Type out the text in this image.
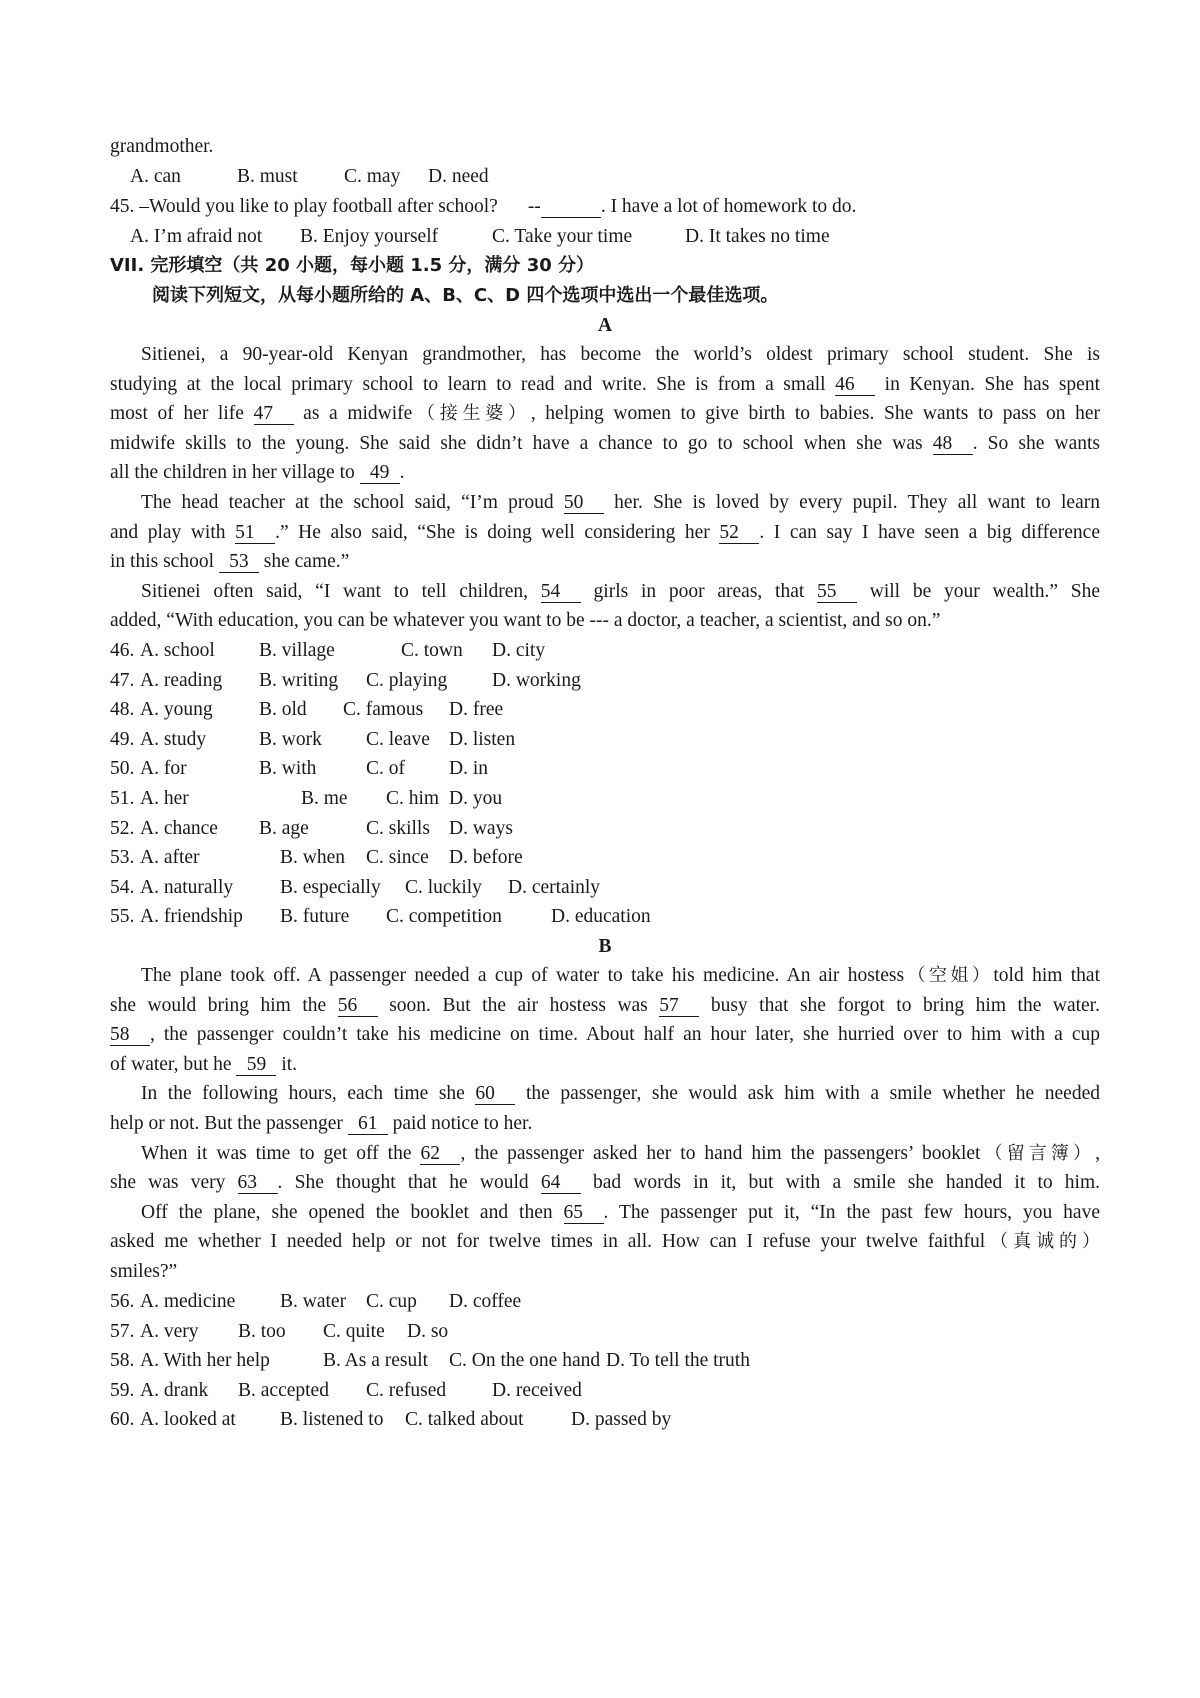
grandmother.
A. can	B. must C. may D. need
45. –Would you like to play football after school? --	. I have a lot of homework to do.
A. I’m afraid not B. Enjoy yourself	C. Take your time	D. It takes no time
VII. 完形填空（共 20 小题，每小题 1.5 分，满分 30 分）
阅读下列短文，从每小题所给的 A、B、C、D 四个选项中选出一个最佳选项。
A
Sitienei, a 90-year-old Kenyan grandmother, has become the world’s oldest primary school student. She is
studying at the local primary school to learn to read and write. She is from a small 46 in Kenyan. She has spent
most of her life 47 as a midwife（接生婆）, helping women to give birth to babies. She wants to pass on her
midwife skills to the young. She said she didn’t have a chance to go to school when she was 48 . So she wants
all the children in her village to 49 .
The head teacher at the school said, “I’m proud 50 her. She is loved by every pupil. They all want to learn
and play with 51 .” He also said, “She is doing well considering her 52 . I can say I have seen a big difference
in this school 53 she came.”
Sitienei often said, “I want to tell children, 54 girls in poor areas, that 55 will be your wealth.” She
added, “With education, you can be whatever you want to be --- a doctor, a teacher, a scientist, and so on.”
46. A. school B. village	C. town D. city
47. A. reading B. writing C. playing D. working
48. A. young B. old C. famous D. free
49. A. study	B. work C. leave D. listen
50. A. for	B. with	C. of D. in
51. A. her	B. me C. him D. you
52. A. chance B. age	C. skills D. ways
53. A. after	B. when C. since D. before
54. A. naturally B. especially C. luckily D. certainly
55. A. friendship B. future C. competition	D. education
B
The plane took off. A passenger needed a cup of water to take his medicine. An air hostess（空姐）told him that
she would bring him the 56 soon. But the air hostess was 57 busy that she forgot to bring him the water.
58 , the passenger couldn’t take his medicine on time. About half an hour later, she hurried over to him with a cup
of water, but he 59 it.
In the following hours, each time she 60 the passenger, she would ask him with a smile whether he needed
help or not. But the passenger 61 paid notice to her.
When it was time to get off the 62 , the passenger asked her to hand him the passengers’ booklet（留言簿）,
she was very 63 . She thought that he would 64 bad words in it, but with a smile she handed it to him.
Off the plane, she opened the booklet and then 65 . The passenger put it, “In the past few hours, you have
asked me whether I needed help or not for twelve times in all. How can I refuse your twelve faithful（真诚的）
smiles?”
56. A. medicine B. water C. cup D. coffee
57. A. very B. too C. quite D. so
58. A. With her help	B. As a result C. On the one hand D. To tell the truth
59. A. drank B. accepted C. refused D. received
60. A. looked at B. listened to C. talked about D. passed by
